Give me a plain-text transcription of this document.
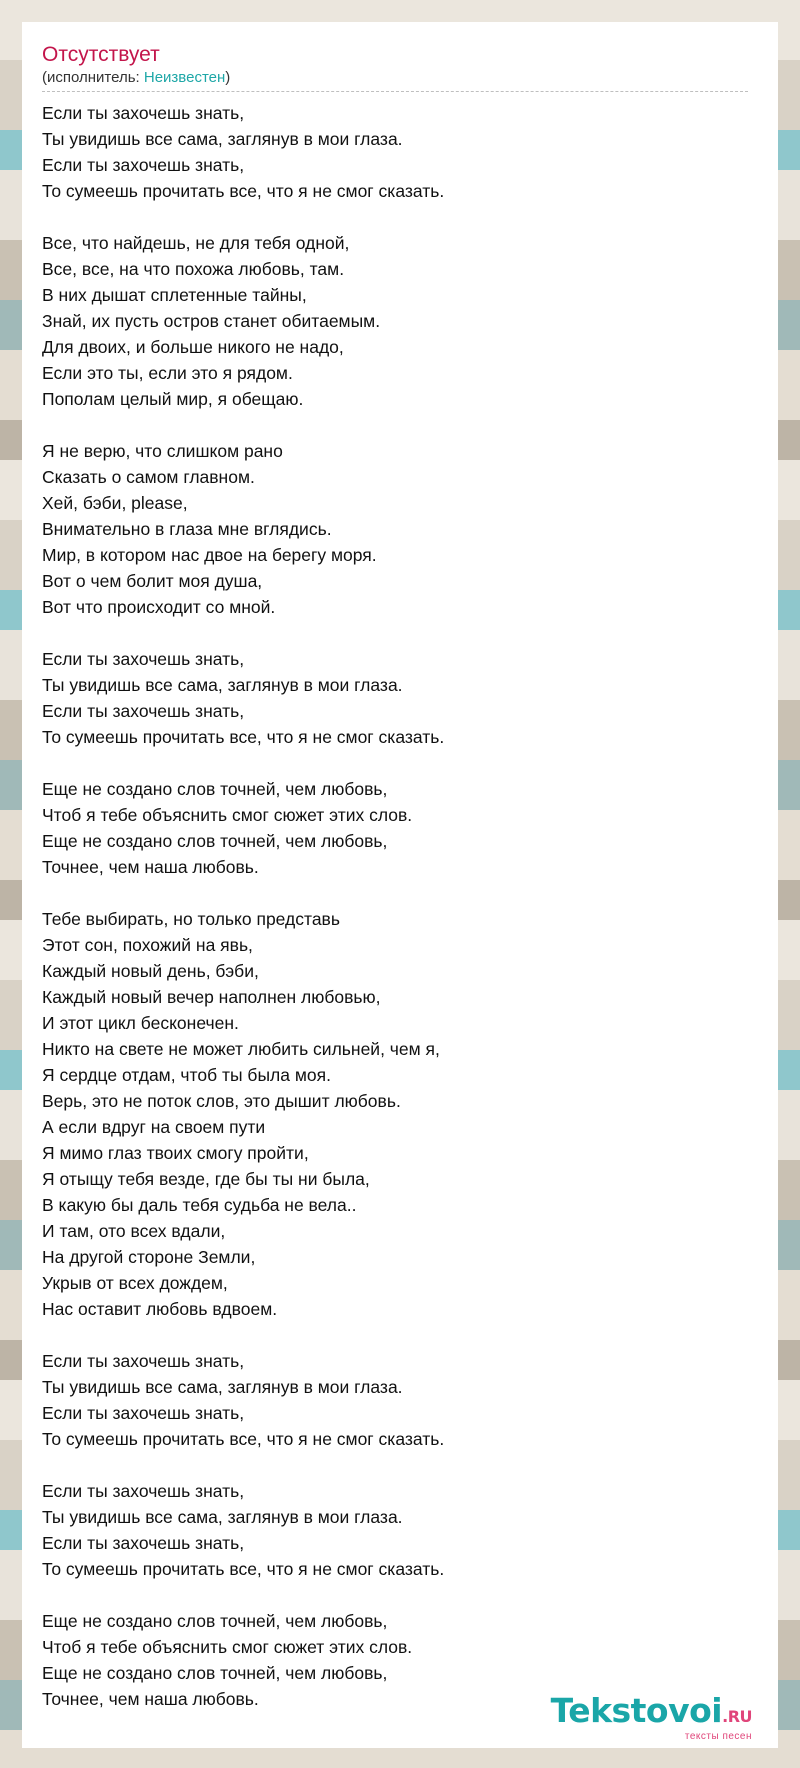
Отсутствует
(исполнитель: Неизвестен)
Если ты захочешь знать,
Ты увидишь все сама, заглянув в мои глаза.
Если ты захочешь знать,
То сумеешь прочитать все, что я не смог сказать.
Все, что найдешь, не для тебя одной,
Все, все, на что похожа любовь, там.
В них дышат сплетенные тайны,
Знай, их пусть остров станет обитаемым.
Для двоих, и больше никого не надо,
Если это ты, если это я рядом.
Пополам целый мир, я обещаю.
Я не верю, что слишком рано
Сказать о самом главном.
Хей, бэби, please,
Внимательно в глаза мне вглядись.
Мир, в котором нас двое на берегу моря.
Вот о чем болит моя душа,
Вот что происходит со мной.
Если ты захочешь знать,
Ты увидишь все сама, заглянув в мои глаза.
Если ты захочешь знать,
То сумеешь прочитать все, что я не смог сказать.
Еще не создано слов точней, чем любовь,
Чтоб я тебе объяснить смог сюжет этих слов.
Еще не создано слов точней, чем любовь,
Точнее, чем наша любовь.
Тебе выбирать, но только представь
Этот сон, похожий на явь,
Каждый новый день, бэби,
Каждый новый вечер наполнен любовью,
И этот цикл бесконечен.
Никто на свете не может любить сильней, чем я,
Я сердце отдам, чтоб ты была моя.
Верь, это не поток слов, это дышит любовь.
А если вдруг на своем пути
Я мимо глаз твоих смогу пройти,
Я отыщу тебя везде, где бы ты ни была,
В какую бы даль тебя судьба не вела..
И там, ото всех вдали,
На другой стороне Земли,
Укрыв от всех дождем,
Нас оставит любовь вдвоем.
Если ты захочешь знать,
Ты увидишь все сама, заглянув в мои глаза.
Если ты захочешь знать,
То сумеешь прочитать все, что я не смог сказать.
Если ты захочешь знать,
Ты увидишь все сама, заглянув в мои глаза.
Если ты захочешь знать,
То сумеешь прочитать все, что я не смог сказать.
Еще не создано слов точней, чем любовь,
Чтоб я тебе объяснить смог сюжет этих слов.
Еще не создано слов точней, чем любовь,
Точнее, чем наша любовь.	Tekstovoi.RU
тексты песен
